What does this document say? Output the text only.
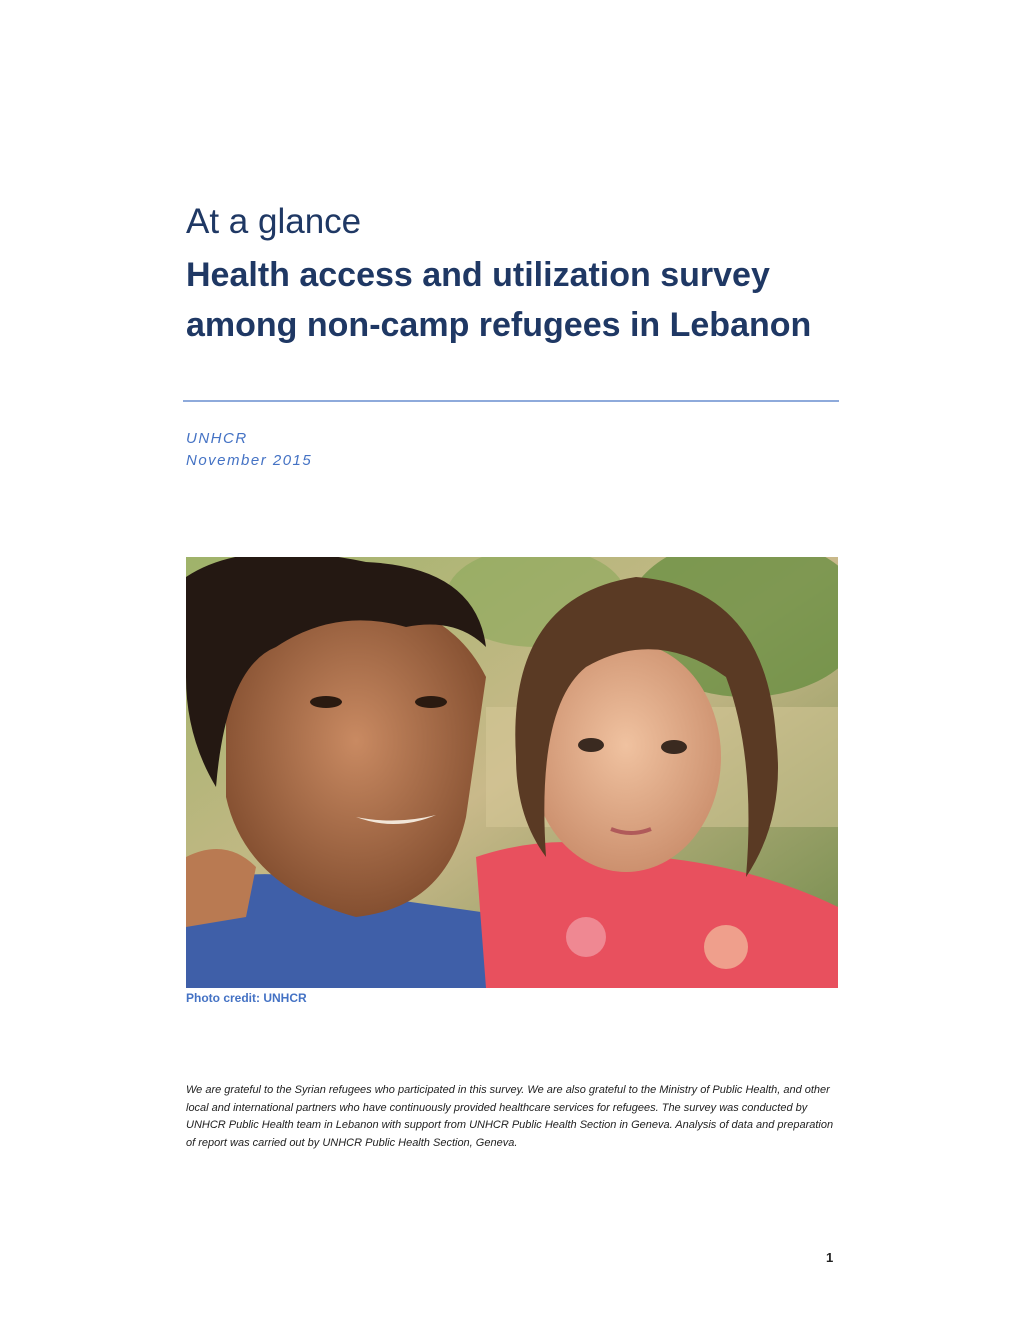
At a glance
Health access and utilization survey among non-camp refugees in Lebanon
UNHCR
November 2015
Photo credit: UNHCR
We are grateful to the Syrian refugees who participated in this survey. We are also grateful to the Ministry of Public Health, and other local and international partners who have continuously provided healthcare services for refugees. The survey was conducted by UNHCR Public Health team in Lebanon with support from UNHCR Public Health Section in Geneva. Analysis of data and preparation of report was carried out by UNHCR Public Health Section, Geneva.
1
